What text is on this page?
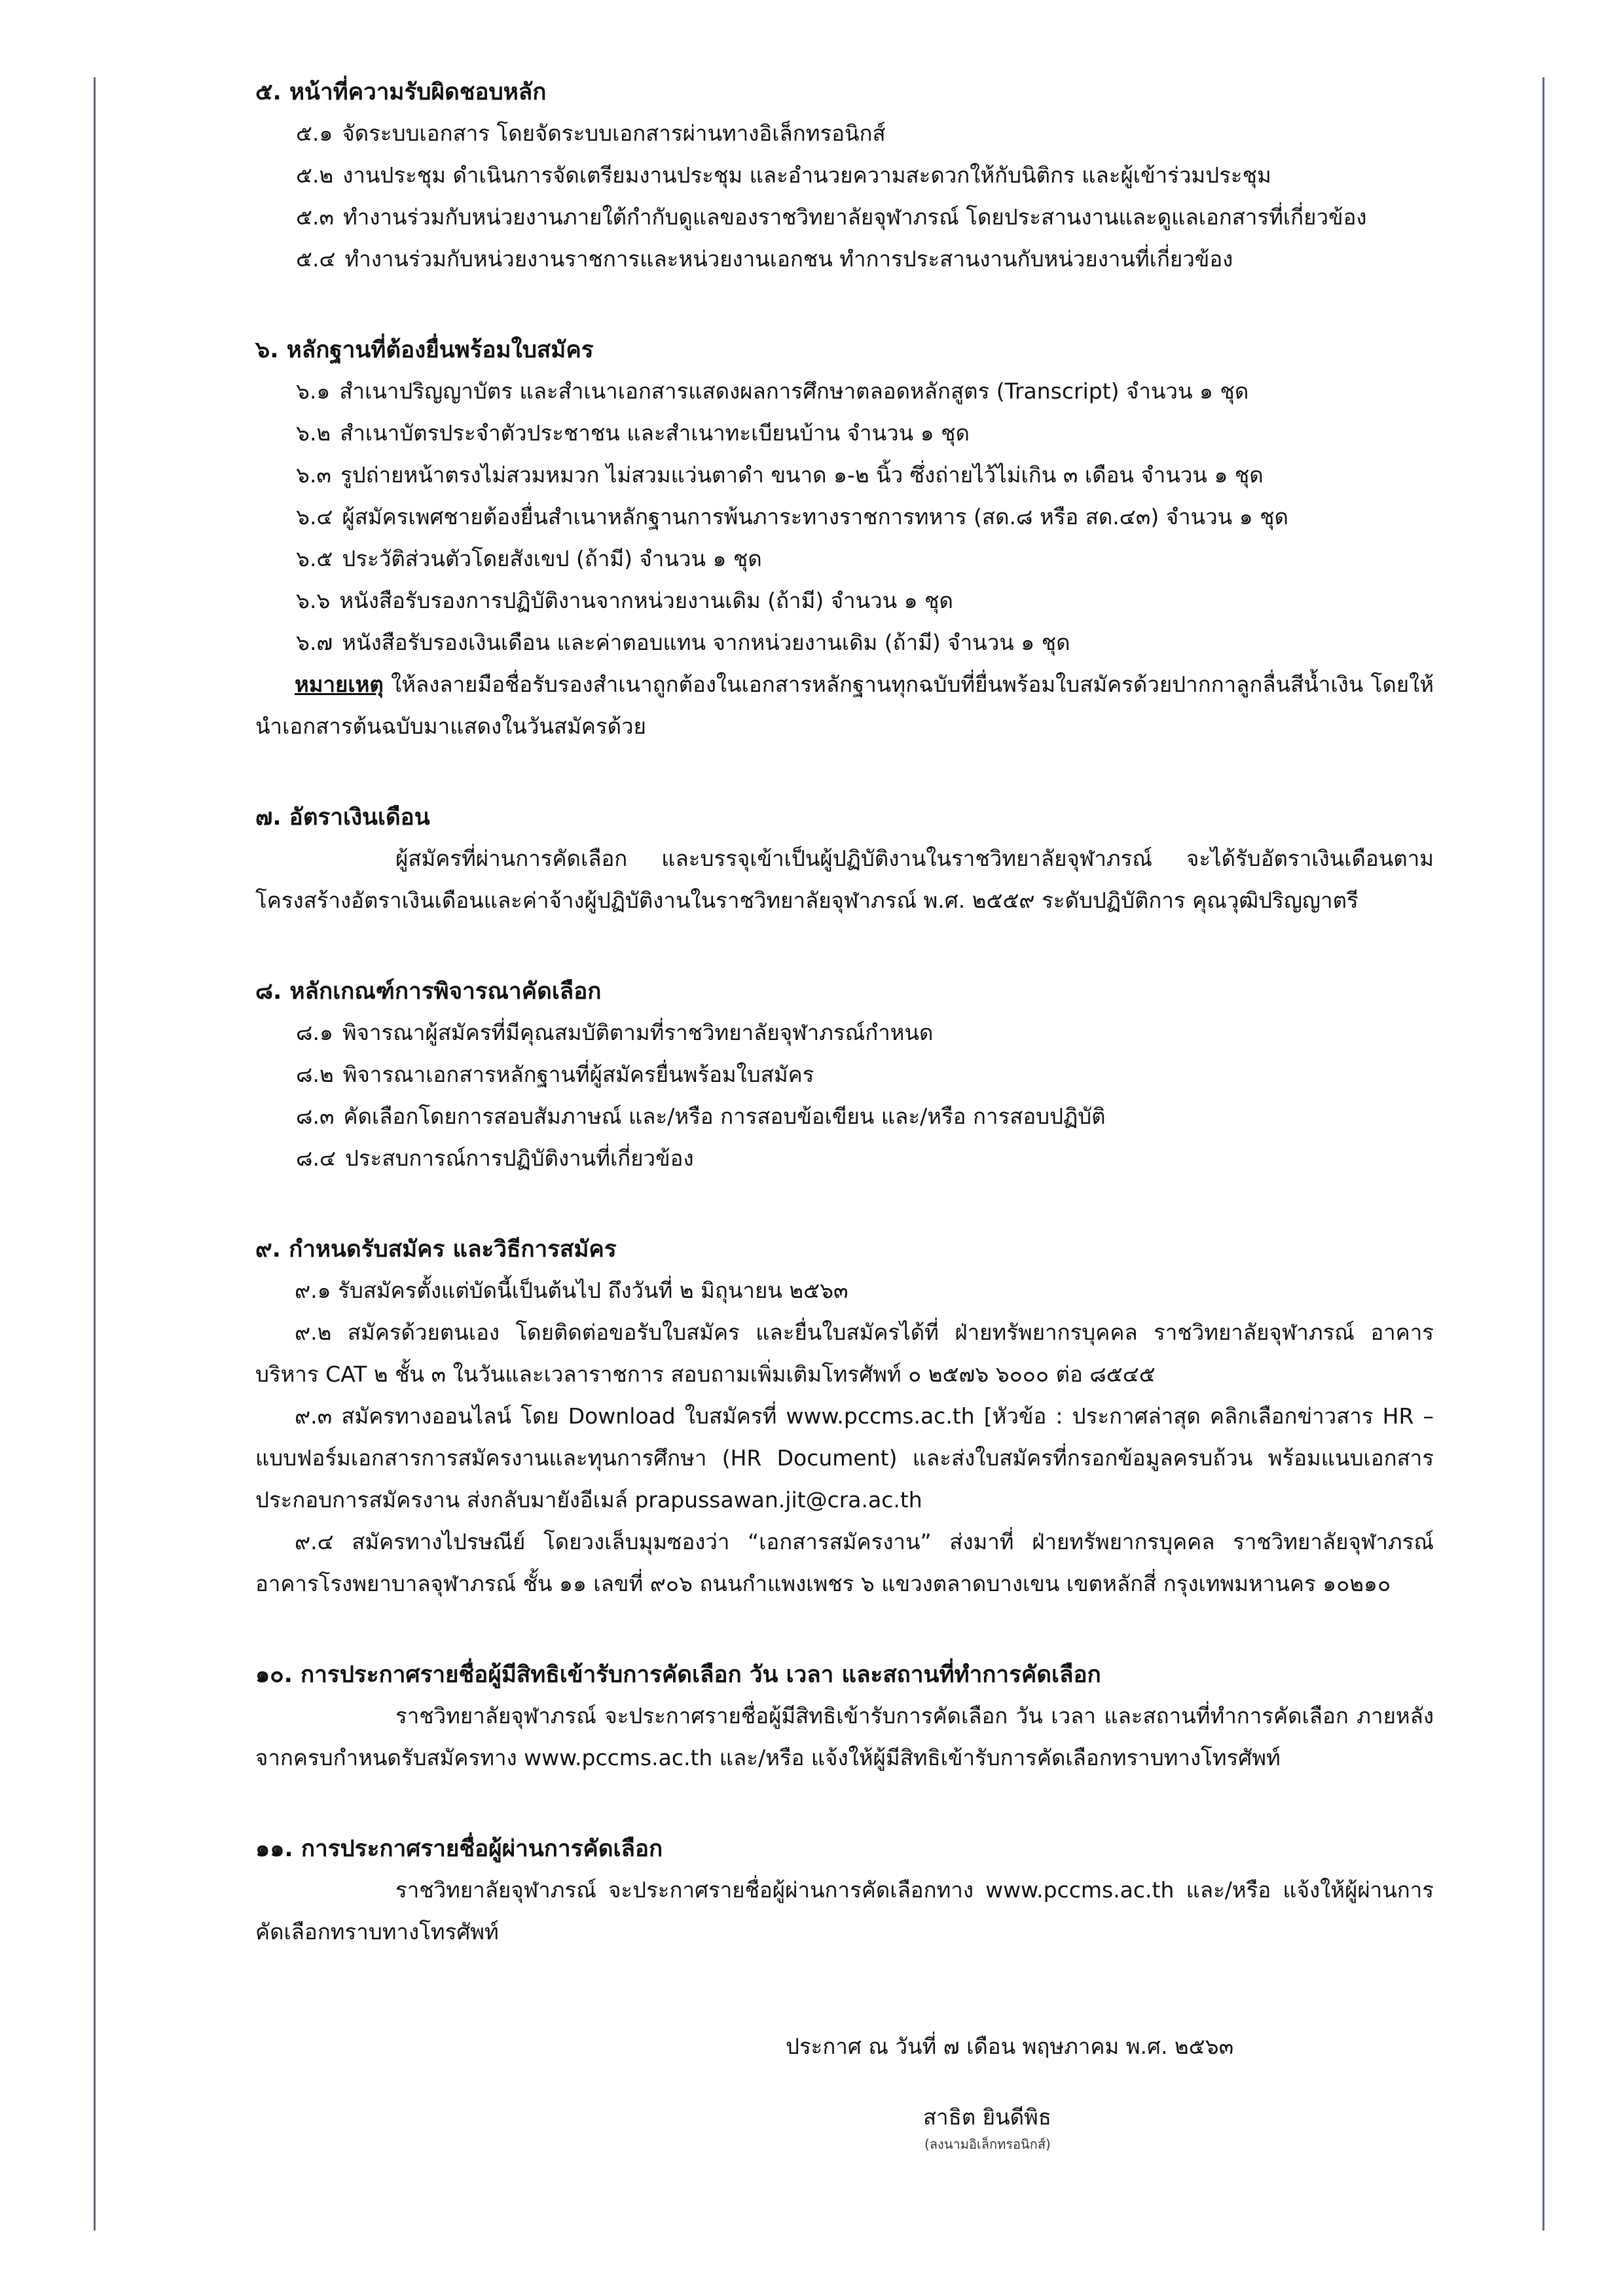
๕. หน้าที่ความรับผิดชอบหลัก
๕.๑ จัดระบบเอกสาร โดยจัดระบบเอกสารผ่านทางอิเล็กทรอนิกส์
๕.๒ งานประชุม ดำเนินการจัดเตรียมงานประชุม และอำนวยความสะดวกให้กับนิติกร และผู้เข้าร่วมประชุม
๕.๓ ทำงานร่วมกับหน่วยงานภายใต้กำกับดูแลของราชวิทยาลัยจุฬาภรณ์ โดยประสานงานและดูแลเอกสารที่เกี่ยวข้อง
๕.๔ ทำงานร่วมกับหน่วยงานราชการและหน่วยงานเอกชน ทำการประสานงานกับหน่วยงานที่เกี่ยวข้อง
๖. หลักฐานที่ต้องยื่นพร้อมใบสมัคร
๖.๑ สำเนาปริญญาบัตร และสำเนาเอกสารแสดงผลการศึกษาตลอดหลักสูตร (Transcript) จำนวน ๑ ชุด
๖.๒ สำเนาบัตรประจำตัวประชาชน และสำเนาทะเบียนบ้าน จำนวน ๑ ชุด
๖.๓ รูปถ่ายหน้าตรงไม่สวมหมวก ไม่สวมแว่นตาดำ ขนาด ๑-๒ นิ้ว ซึ่งถ่ายไว้ไม่เกิน ๓ เดือน จำนวน ๑ ชุด
๖.๔ ผู้สมัครเพศชายต้องยื่นสำเนาหลักฐานการพ้นภาระทางราชการทหาร (สด.๘ หรือ สด.๔๓) จำนวน ๑ ชุด
๖.๕ ประวัติส่วนตัวโดยสังเขป (ถ้ามี) จำนวน ๑ ชุด
๖.๖ หนังสือรับรองการปฏิบัติงานจากหน่วยงานเดิม (ถ้ามี) จำนวน ๑ ชุด
๖.๗ หนังสือรับรองเงินเดือน และค่าตอบแทน จากหน่วยงานเดิม (ถ้ามี) จำนวน ๑ ชุด
หมายเหตุ ให้ลงลายมือชื่อรับรองสำเนาถูกต้องในเอกสารหลักฐานทุกฉบับที่ยื่นพร้อมใบสมัครด้วยปากกาลูกลื่นสีน้ำเงิน โดยให้นำเอกสารต้นฉบับมาแสดงในวันสมัครด้วย
๗. อัตราเงินเดือน
ผู้สมัครที่ผ่านการคัดเลือก และบรรจุเข้าเป็นผู้ปฏิบัติงานในราชวิทยาลัยจุฬาภรณ์ จะได้รับอัตราเงินเดือนตามโครงสร้างอัตราเงินเดือนและค่าจ้างผู้ปฏิบัติงานในราชวิทยาลัยจุฬาภรณ์ พ.ศ. ๒๕๕๙ ระดับปฏิบัติการ คุณวุฒิปริญญาตรี
๘. หลักเกณฑ์การพิจารณาคัดเลือก
๘.๑ พิจารณาผู้สมัครที่มีคุณสมบัติตามที่ราชวิทยาลัยจุฬาภรณ์กำหนด
๘.๒ พิจารณาเอกสารหลักฐานที่ผู้สมัครยื่นพร้อมใบสมัคร
๘.๓ คัดเลือกโดยการสอบสัมภาษณ์ และ/หรือ การสอบข้อเขียน และ/หรือ การสอบปฏิบัติ
๘.๔ ประสบการณ์การปฏิบัติงานที่เกี่ยวข้อง
๙. กำหนดรับสมัคร และวิธีการสมัคร
๙.๑ รับสมัครตั้งแต่บัดนี้เป็นต้นไป ถึงวันที่ ๒ มิถุนายน ๒๕๖๓
๙.๒ สมัครด้วยตนเอง โดยติดต่อขอรับใบสมัคร และยื่นใบสมัครได้ที่ ฝ่ายทรัพยากรบุคคล ราชวิทยาลัยจุฬาภรณ์ อาคารบริหาร CAT ๒ ชั้น ๓ ในวันและเวลาราชการ สอบถามเพิ่มเติมโทรศัพท์ ๐ ๒๕๗๖ ๖๐๐๐ ต่อ ๘๕๔๕
๙.๓ สมัครทางออนไลน์ โดย Download ใบสมัครที่ www.pccms.ac.th [หัวข้อ : ประกาศล่าสุด คลิกเลือกข่าวสาร HR – แบบฟอร์มเอกสารการสมัครงานและทุนการศึกษา (HR Document) และส่งใบสมัครที่กรอกข้อมูลครบถ้วน พร้อมแนบเอกสารประกอบการสมัครงาน ส่งกลับมายังอีเมล์ prapussawan.jit@cra.ac.th
๙.๔ สมัครทางไปรษณีย์ โดยวงเล็บมุมซองว่า “เอกสารสมัครงาน” ส่งมาที่ ฝ่ายทรัพยากรบุคคล ราชวิทยาลัยจุฬาภรณ์ อาคารโรงพยาบาลจุฬาภรณ์ ชั้น ๑๑ เลขที่ ๙๐๖ ถนนกำแพงเพชร ๖ แขวงตลาดบางเขน เขตหลักสี่ กรุงเทพมหานคร ๑๐๒๑๐
๑๐. การประกาศรายชื่อผู้มีสิทธิเข้ารับการคัดเลือก วัน เวลา และสถานที่ทำการคัดเลือก
ราชวิทยาลัยจุฬาภรณ์ จะประกาศรายชื่อผู้มีสิทธิเข้ารับการคัดเลือก วัน เวลา และสถานที่ทำการคัดเลือก ภายหลังจากครบกำหนดรับสมัครทาง www.pccms.ac.th และ/หรือ แจ้งให้ผู้มีสิทธิเข้ารับการคัดเลือกทราบทางโทรศัพท์
๑๑. การประกาศรายชื่อผู้ผ่านการคัดเลือก
ราชวิทยาลัยจุฬาภรณ์ จะประกาศรายชื่อผู้ผ่านการคัดเลือกทาง www.pccms.ac.th และ/หรือ แจ้งให้ผู้ผ่านการคัดเลือกทราบทางโทรศัพท์
ประกาศ ณ วันที่ ๗ เดือน พฤษภาคม พ.ศ. ๒๕๖๓
สาธิต ยินดีพิธ
(ลงนามอิเล็กทรอนิกส์)
